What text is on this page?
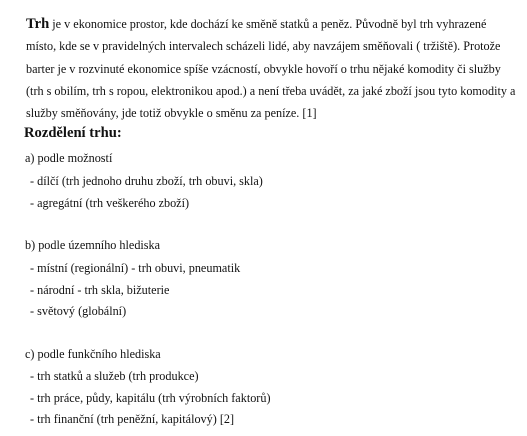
Trh je v ekonomice prostor, kde dochází ke směně statků a peněz. Původně byl trh vyhrazené
místo, kde se v pravidelných intervalech scházeli lidé, aby navzájem směňovali ( tržiště). Protože
barter je v rozvinuté ekonomice spíše vzácností, obvykle hovoří o trhu nějaké komodity či služby
(trh s obilím, trh s ropou, elektronikou apod.) a není třeba uvádět, za jaké zboží jsou tyto komodity a
služby směňovány, jde totiž obvykle o směnu za peníze. [1]
Rozdělení trhu:
a) podle možností
- dílčí (trh jednoho druhu zboží, trh obuvi, skla)
- agregátní (trh veškerého zboží)
b) podle územního hlediska
- místní (regionální) - trh obuvi, pneumatik
- národní - trh skla, bižuterie
- světový (globální)
c) podle funkčního hlediska
- trh statků a služeb (trh produkce)
- trh práce, půdy, kapitálu (trh výrobních faktorů)
- trh finanční (trh peněžní, kapitálový) [2]
